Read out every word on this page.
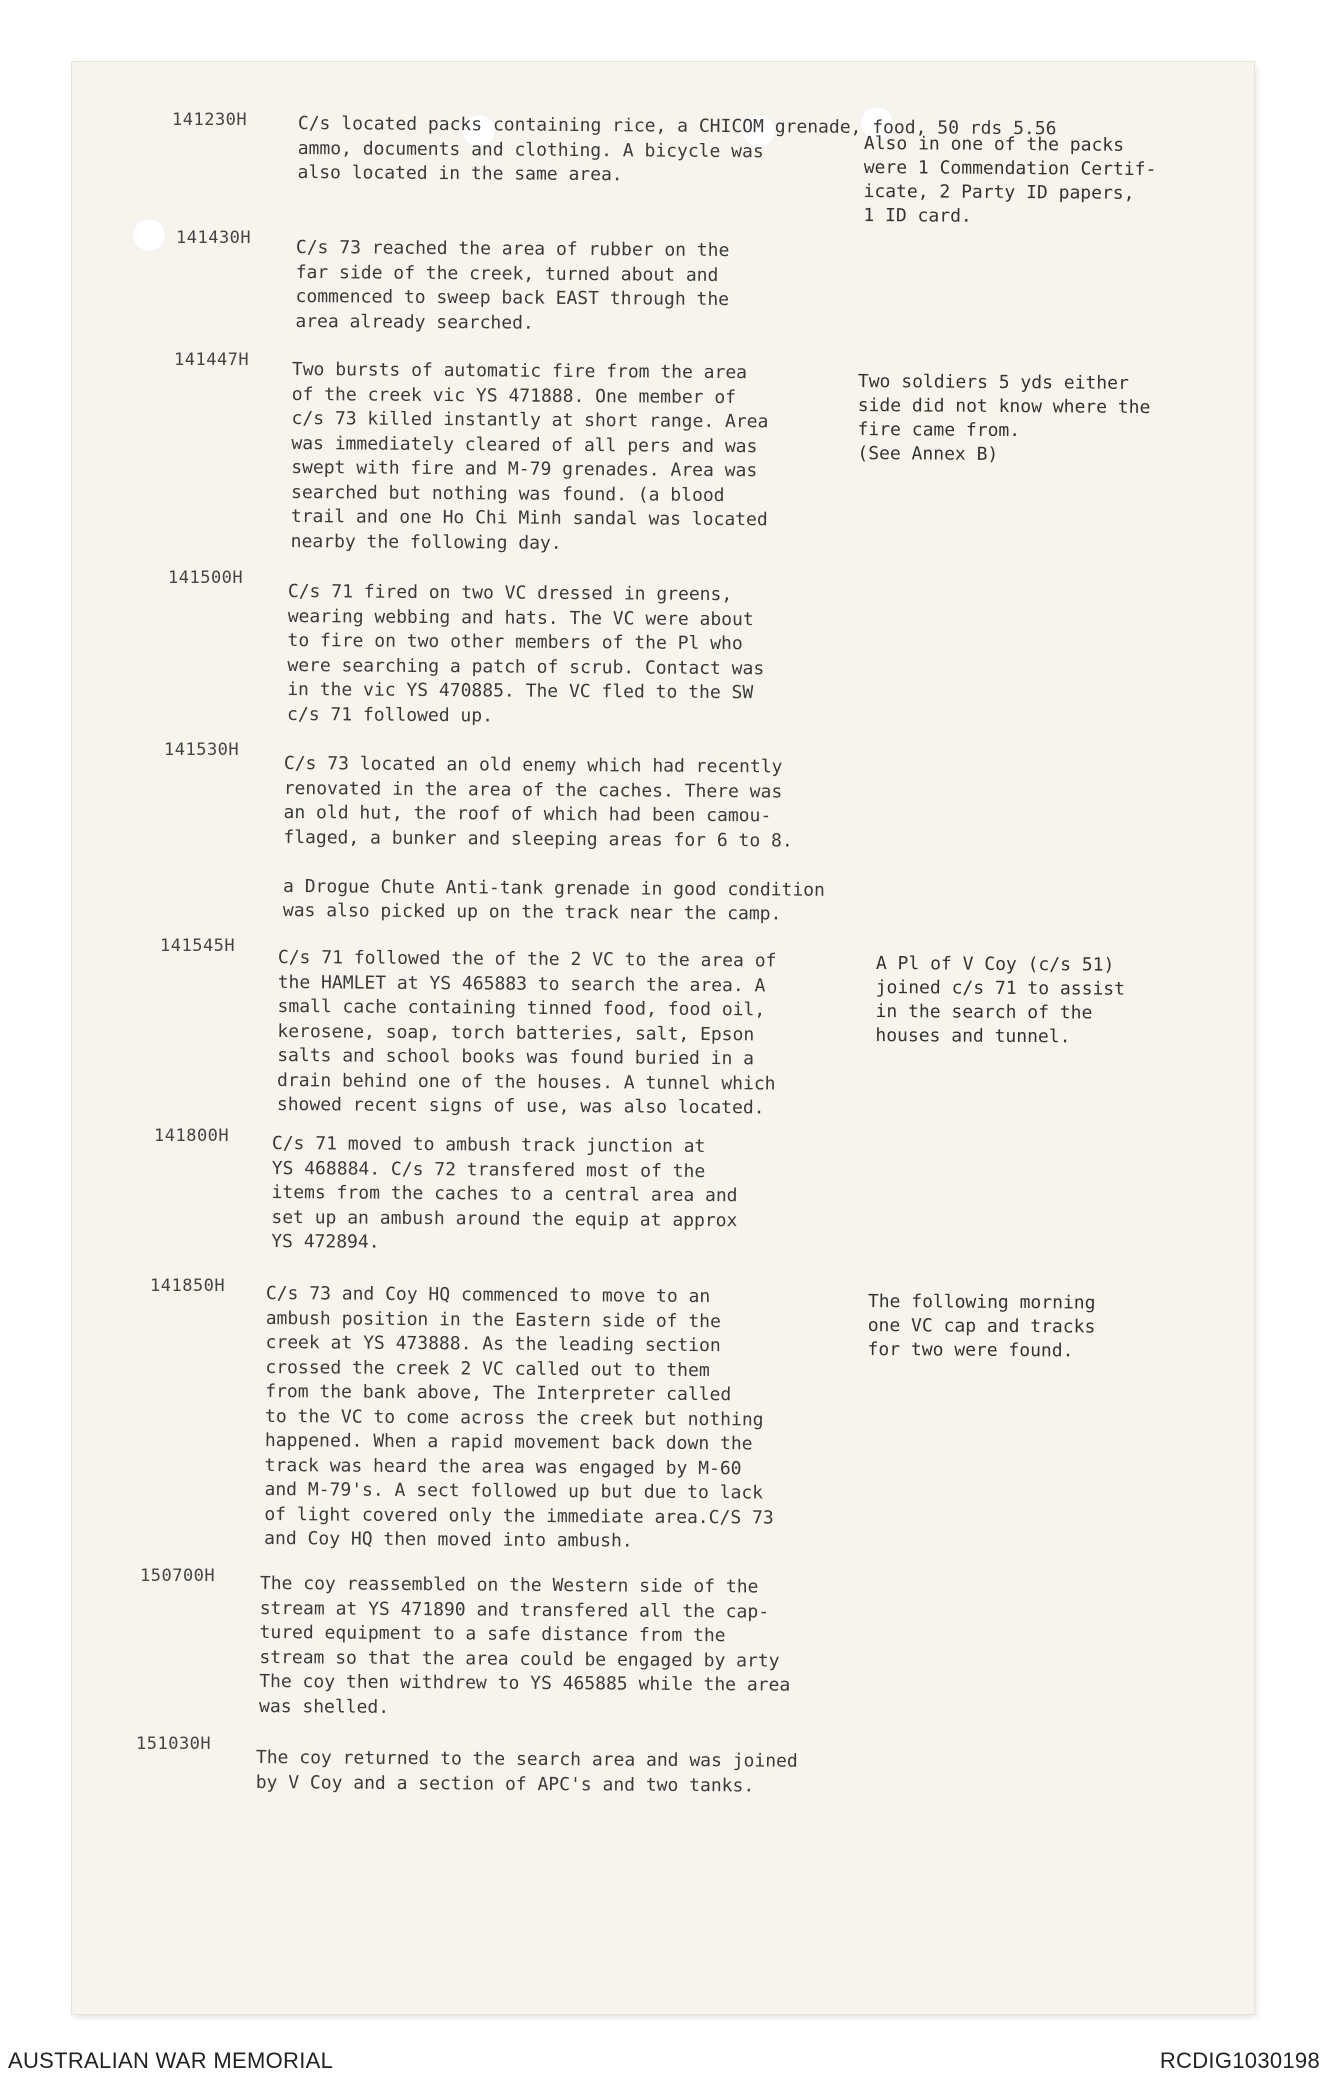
141230H	C/s located packs containing rice, a CHICOM grenade, food, 50 rds 5.56
ammo, documents and clothing. A bicycle was
also located in the same area.
Also in one of the packs
were 1 Commendation Certif-
icate, 2 Party ID papers,
1 ID card.
141430H C/s 73 reached the area of rubber on the
far side of the creek, turned about and
commenced to sweep back EAST through the
area already searched.
141447H Two bursts of automatic fire from the area
of the creek vic YS 471888. One member of
c/s 73 killed instantly at short range. Area
was immediately cleared of all pers and was
swept with fire and M-79 grenades. Area was
searched but nothing was found. (a blood
trail and one Ho Chi Minh sandal was located
nearby the following day.
Two soldiers 5 yds either
side did not know where the
fire came from.
(See Annex B)
141500H
C/s 71 fired on two VC dressed in greens,
wearing webbing and hats. The VC were about
to fire on two other members of the Pl who
were searching a patch of scrub. Contact was
in the vic YS 470885. The VC fled to the SW
c/s 71 followed up.
141530H
C/s 73 located an old enemy which had recently
renovated in the area of the caches. There was
an old hut, the roof of which had been camou-
flaged, a bunker and sleeping areas for 6 to 8.

a Drogue Chute Anti-tank grenade in good condition
was also picked up on the track near the camp.
141545H
C/s 71 followed the of the 2 VC to the area of
the HAMLET at YS 465883 to search the area. A
small cache containing tinned food, food oil,
kerosene, soap, torch batteries, salt, Epson
salts and school books was found buried in a
drain behind one of the houses. A tunnel which
showed recent signs of use, was also located.
A Pl of V Coy (c/s 51)
joined c/s 71 to assist
in the search of the
houses and tunnel.
141800H C/s 71 moved to ambush track junction at
YS 468884. C/s 72 transfered most of the
items from the caches to a central area and
set up an ambush around the equip at approx
YS 472894.
141850H C/s 73 and Coy HQ commenced to move to an
ambush position in the Eastern side of the
creek at YS 473888. As the leading section
crossed the creek 2 VC called out to them
from the bank above, The Interpreter called
to the VC to come across the creek but nothing
happened. When a rapid movement back down the
track was heard the area was engaged by M-60
and M-79's. A sect followed up but due to lack
of light covered only the immediate area.C/S 73
and Coy HQ then moved into ambush.
The following morning
one VC cap and tracks
for two were found.
150700H The coy reassembled on the Western side of the
stream at YS 471890 and transfered all the cap-
tured equipment to a safe distance from the
stream so that the area could be engaged by arty
The coy then withdrew to YS 465885 while the area
was shelled.
151030H
The coy returned to the search area and was joined
by V Coy and a section of APC's and two tanks.
AUSTRALIAN WAR MEMORIAL	RCDIG1030198
